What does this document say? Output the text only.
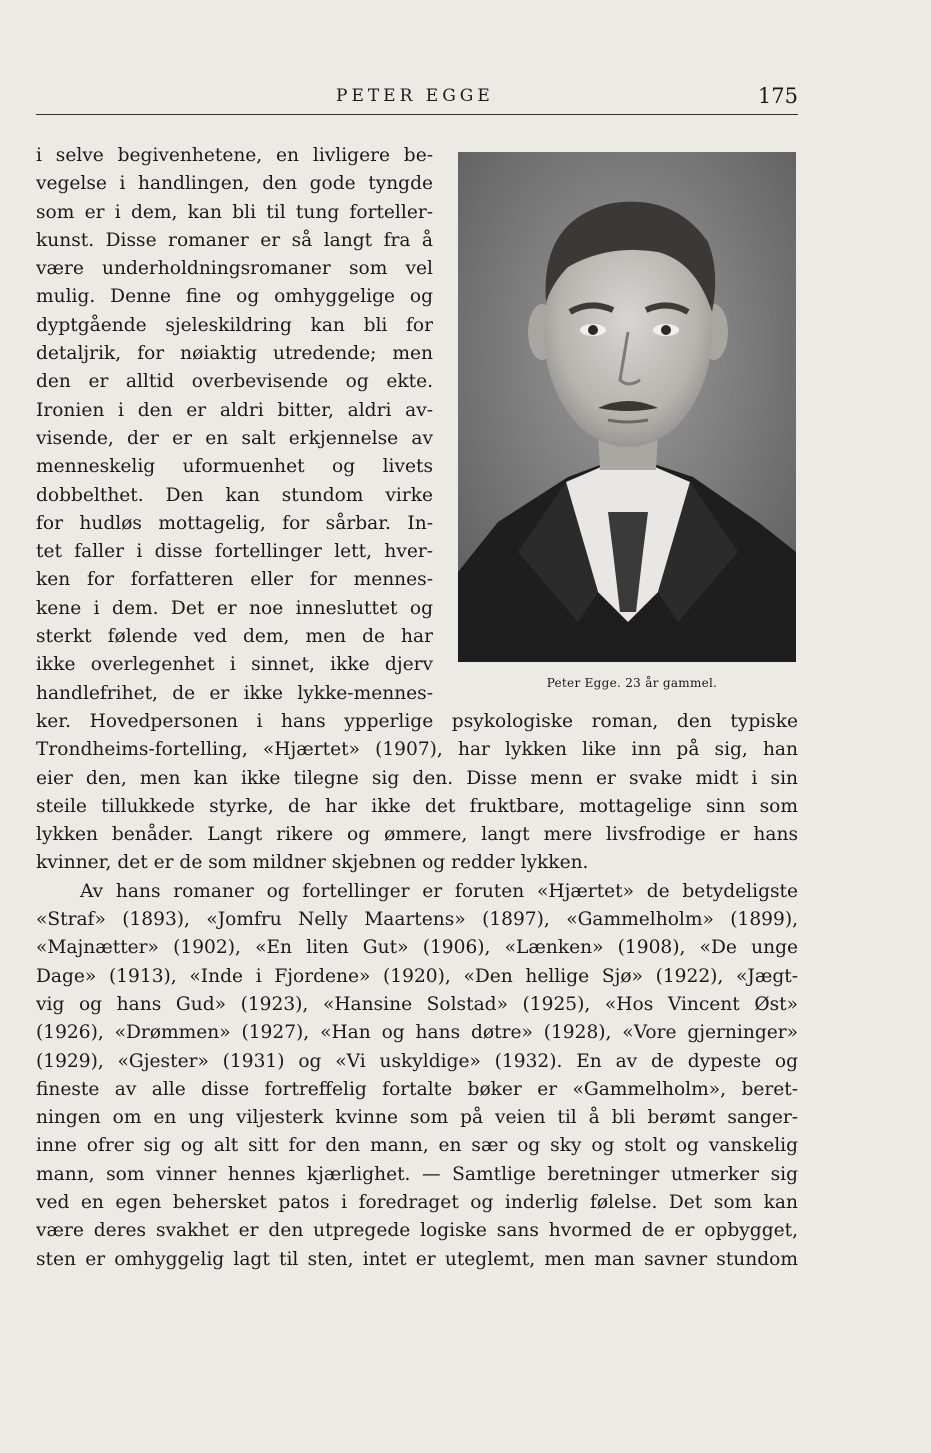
PETER EGGE	175
Peter Egge. 23 år gammel.
i selve begivenhetene, en livligere be-
vegelse i handlingen, den gode tyngde
som er i dem, kan bli til tung forteller-
kunst. Disse romaner er så langt fra å
være underholdningsromaner som vel
mulig. Denne fine og omhyggelige og
dyptgående sjeleskildring kan bli for
detaljrik, for nøiaktig utredende; men
den er alltid overbevisende og ekte.
Ironien i den er aldri bitter, aldri av-
visende, der er en salt erkjennelse av
menneskelig uformuenhet og livets
dobbelthet. Den kan stundom virke
for hudløs mottagelig, for sårbar. In-
tet faller i disse fortellinger lett, hver-
ken for forfatteren eller for mennes-
kene i dem. Det er noe innesluttet og
sterkt følende ved dem, men de har
ikke overlegenhet i sinnet, ikke djerv
handlefrihet, de er ikke lykke-mennes-
ker. Hovedpersonen i hans ypperlige psykologiske roman, den typiske
Trondheims-fortelling, «Hjærtet» (1907), har lykken like inn på sig, han
eier den, men kan ikke tilegne sig den. Disse menn er svake midt i sin
steile tillukkede styrke, de har ikke det fruktbare, mottagelige sinn som
lykken benåder. Langt rikere og ømmere, langt mere livsfrodige er hans
kvinner, det er de som mildner skjebnen og redder lykken.
Av hans romaner og fortellinger er foruten «Hjærtet» de betydeligste
«Straf» (1893), «Jomfru Nelly Maartens» (1897), «Gammelholm» (1899),
«Majnætter» (1902), «En liten Gut» (1906), «Lænken» (1908), «De unge
Dage» (1913), «Inde i Fjordene» (1920), «Den hellige Sjø» (1922), «Jægt-
vig og hans Gud» (1923), «Hansine Solstad» (1925), «Hos Vincent Øst»
(1926), «Drømmen» (1927), «Han og hans døtre» (1928), «Vore gjerninger»
(1929), «Gjester» (1931) og «Vi uskyldige» (1932). En av de dypeste og
fineste av alle disse fortreffelig fortalte bøker er «Gammelholm», beret-
ningen om en ung viljesterk kvinne som på veien til å bli berømt sanger-
inne ofrer sig og alt sitt for den mann, en sær og sky og stolt og vanskelig
mann, som vinner hennes kjærlighet. — Samtlige beretninger utmerker sig
ved en egen behersket patos i foredraget og inderlig følelse. Det som kan
være deres svakhet er den utpregede logiske sans hvormed de er opbygget,
sten er omhyggelig lagt til sten, intet er uteglemt, men man savner stundom
